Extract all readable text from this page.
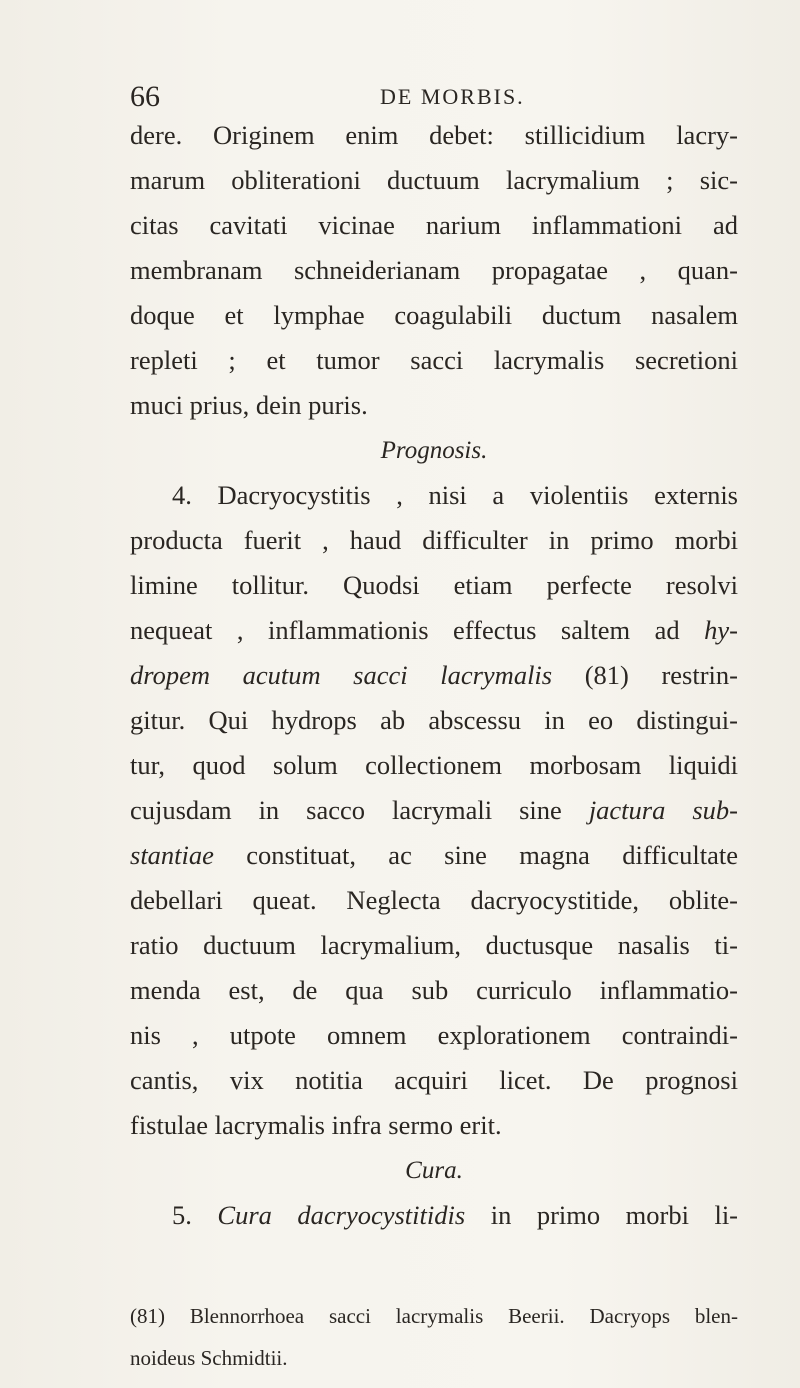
66	DE MORBIS.
dere. Originem enim debet: stillicidium lacry-
marum obliterationi ductuum lacrymalium ; sic-
citas cavitati vicinae narium inflammationi ad
membranam schneiderianam propagatae , quan-
doque et lymphae coagulabili ductum nasalem
repleti ; et tumor sacci lacrymalis secretioni
muci prius, dein puris.
Prognosis.
4. Dacryocystitis , nisi a violentiis externis
producta fuerit , haud difficulter in primo morbi
limine tollitur. Quodsi etiam perfecte resolvi
nequeat , inflammationis effectus saltem ad hy-
dropem acutum sacci lacrymalis (81) restrin-
gitur. Qui hydrops ab abscessu in eo distingui-
tur, quod solum collectionem morbosam liquidi
cujusdam in sacco lacrymali sine jactura sub-
stantiae constituat, ac sine magna difficultate
debellari queat. Neglecta dacryocystitide, oblite-
ratio ductuum lacrymalium, ductusque nasalis ti-
menda est, de qua sub curriculo inflammatio-
nis , utpote omnem explorationem contraindi-
cantis, vix notitia acquiri licet. De prognosi
fistulae lacrymalis infra sermo erit.
Cura.
5. Cura dacryocystitidis in primo morbi li-
(81) Blennorrhoea sacci lacrymalis Beerii. Dacryops blen-
noideus Schmidtii.
